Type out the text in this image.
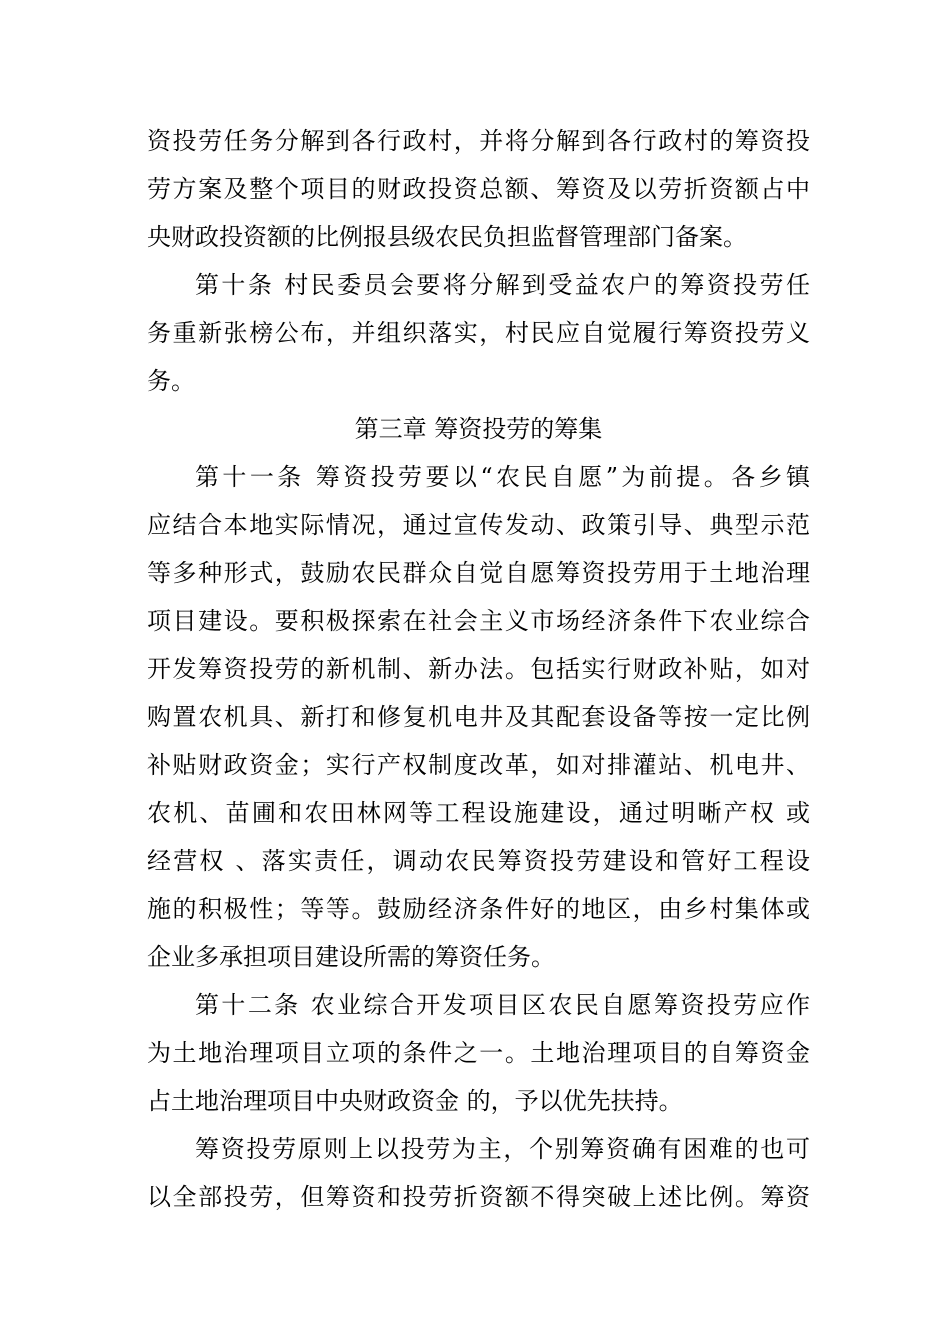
资投劳任务分解到各行政村，并将分解到各行政村的筹资投
劳方案及整个项目的财政投资总额、筹资及以劳折资额占中
央财政投资额的比例报县级农民负担监督管理部门备案。
第十条 村民委员会要将分解到受益农户的筹资投劳任
务重新张榜公布，并组织落实，村民应自觉履行筹资投劳义
务。
第三章 筹资投劳的筹集
第十一条 筹资投劳要以“农民自愿”为前提。各乡镇
应结合本地实际情况，通过宣传发动、政策引导、典型示范
等多种形式，鼓励农民群众自觉自愿筹资投劳用于土地治理
项目建设。要积极探索在社会主义市场经济条件下农业综合
开发筹资投劳的新机制、新办法。包括实行财政补贴，如对
购置农机具、新打和修复机电井及其配套设备等按一定比例
补贴财政资金；实行产权制度改革，如对排灌站、机电井、
农机、苗圃和农田林网等工程设施建设，通过明晰产权 或
经营权 、落实责任，调动农民筹资投劳建设和管好工程设
施的积极性；等等。鼓励经济条件好的地区，由乡村集体或
企业多承担项目建设所需的筹资任务。
第十二条 农业综合开发项目区农民自愿筹资投劳应作
为土地治理项目立项的条件之一。土地治理项目的自筹资金
占土地治理项目中央财政资金 的，予以优先扶持。
筹资投劳原则上以投劳为主，个别筹资确有困难的也可
以全部投劳，但筹资和投劳折资额不得突破上述比例。筹资
